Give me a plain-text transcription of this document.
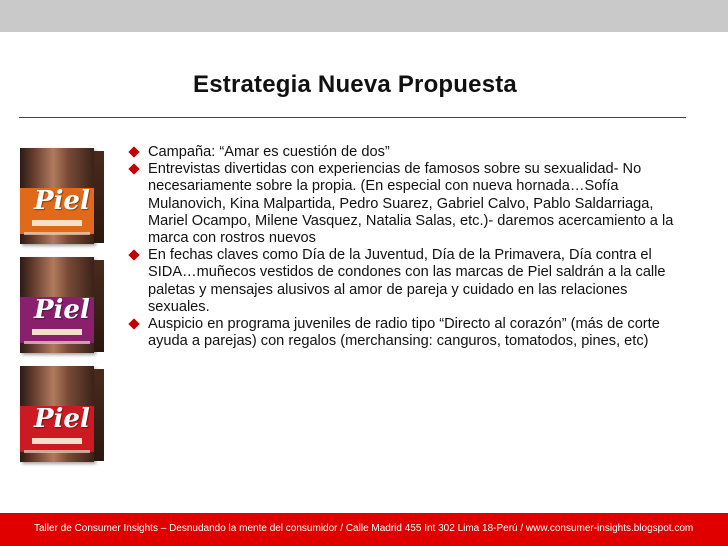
Estrategia Nueva Propuesta
Piel
Piel
Piel
Campaña: “Amar es cuestión de dos”
Entrevistas divertidas con experiencias de famosos sobre su sexualidad- No necesariamente sobre la propia. (En especial con nueva hornada…Sofía Mulanovich, Kina Malpartida, Pedro Suarez, Gabriel Calvo, Pablo Saldarriaga, Mariel Ocampo, Milene Vasquez, Natalia Salas, etc.)- daremos acercamiento a la marca con rostros nuevos
En fechas claves como Día de la Juventud, Día de la Primavera, Día contra el SIDA…muñecos vestidos de condones con las marcas de Piel saldrán a la calle paletas y mensajes alusivos al amor de pareja y cuidado en las relaciones sexuales.
Auspicio en programa juveniles de radio tipo “Directo al corazón” (más de corte ayuda a parejas) con regalos (merchansing: canguros, tomatodos, pines, etc)
Taller de Consumer Insights – Desnudando la mente del consumidor / Calle Madrid 455 Int 302 Lima 18-Perú / www.consumer-insights.blogspot.com
